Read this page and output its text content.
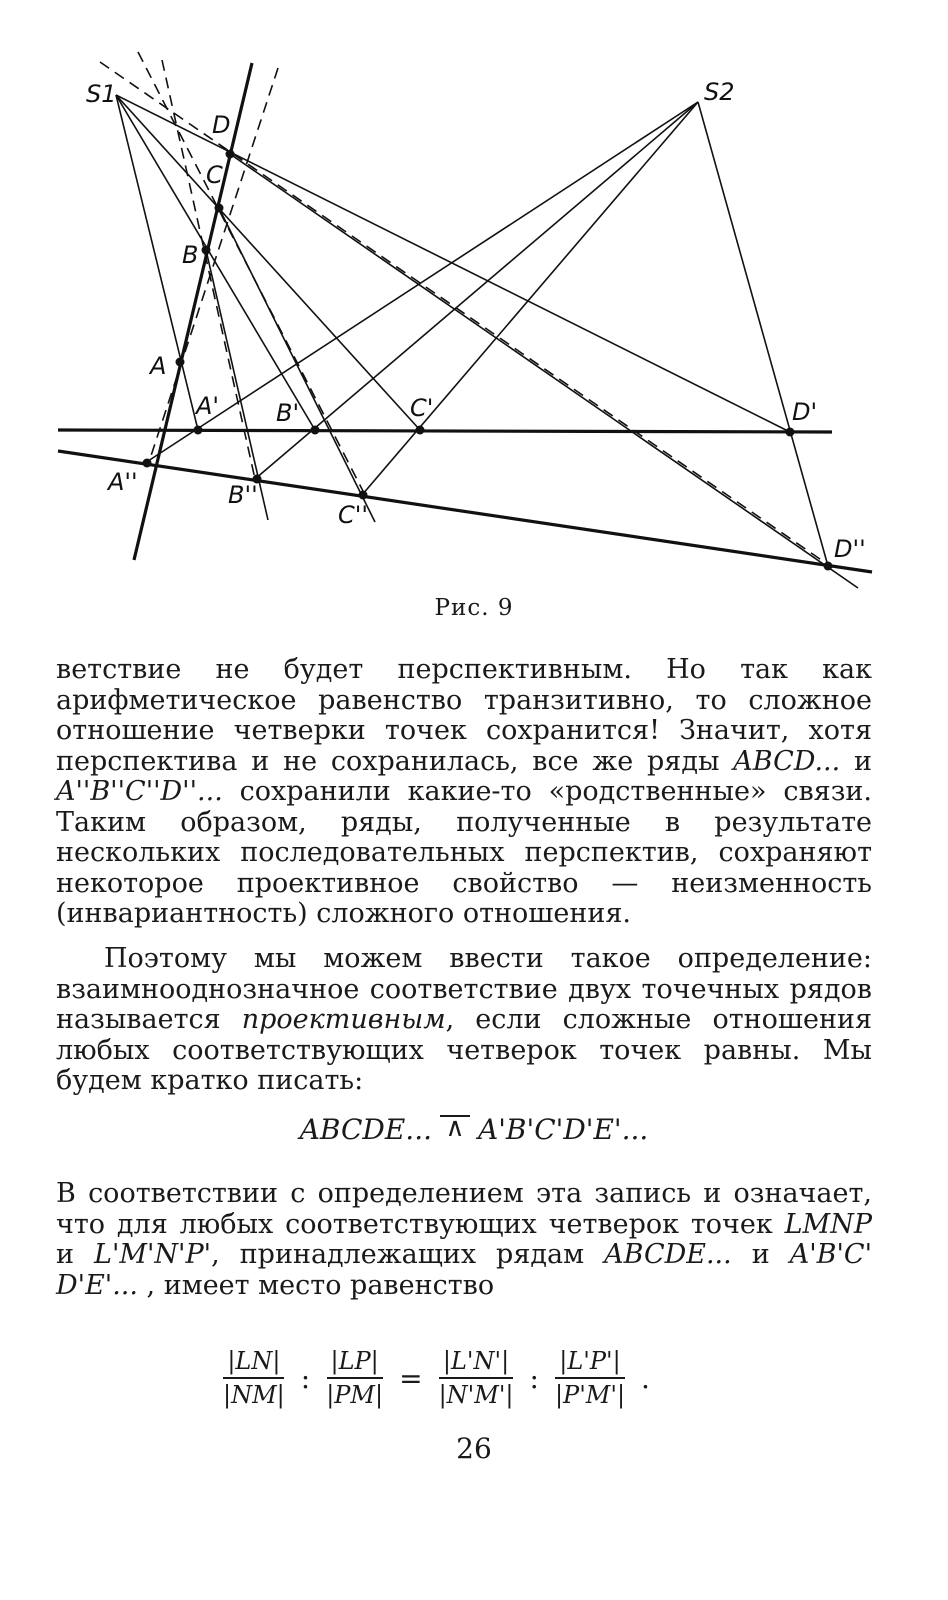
S1	S2
D
C
B
A
A' B'	C'	D'
A''	B''
C''
D''
Рис. 9
ветствие не будет перспективным. Но так как арифметическое равенство транзитивно, то сложное отношение четверки точек сохранится! Значит, хотя перспектива и не сохранилась, все же ряды ABCD... и A''B''C''D''... сохранили какие-то «родственные» связи. Таким образом, ряды, полученные в результате нескольких последовательных перспектив, сохраняют некоторое проективное свойство — неизменность (инвариантность) сложного отношения.
Поэтому мы можем ввести такое определение: взаимнооднозначное соответствие двух точечных рядов называется проективным, если сложные отношения любых соответствующих четверок точек равны. Мы будем кратко писать:
ABCDE...∧ A'B'C'D'E'...
В соответствии с определением эта запись и означает, что для любых соответствующих четверок точек LMNP и L'M'N'P', принадлежащих рядам ABCDE... и A'B'C' D'E'... , имеет место равенство
$\frac{|LN|}{|NM|}$ : $\frac{|LP|}{|PM|} = \frac{|L'N'|}{|N'M'|}$ : $\frac{|L'P'|}{|P'M'|}$ .
26
